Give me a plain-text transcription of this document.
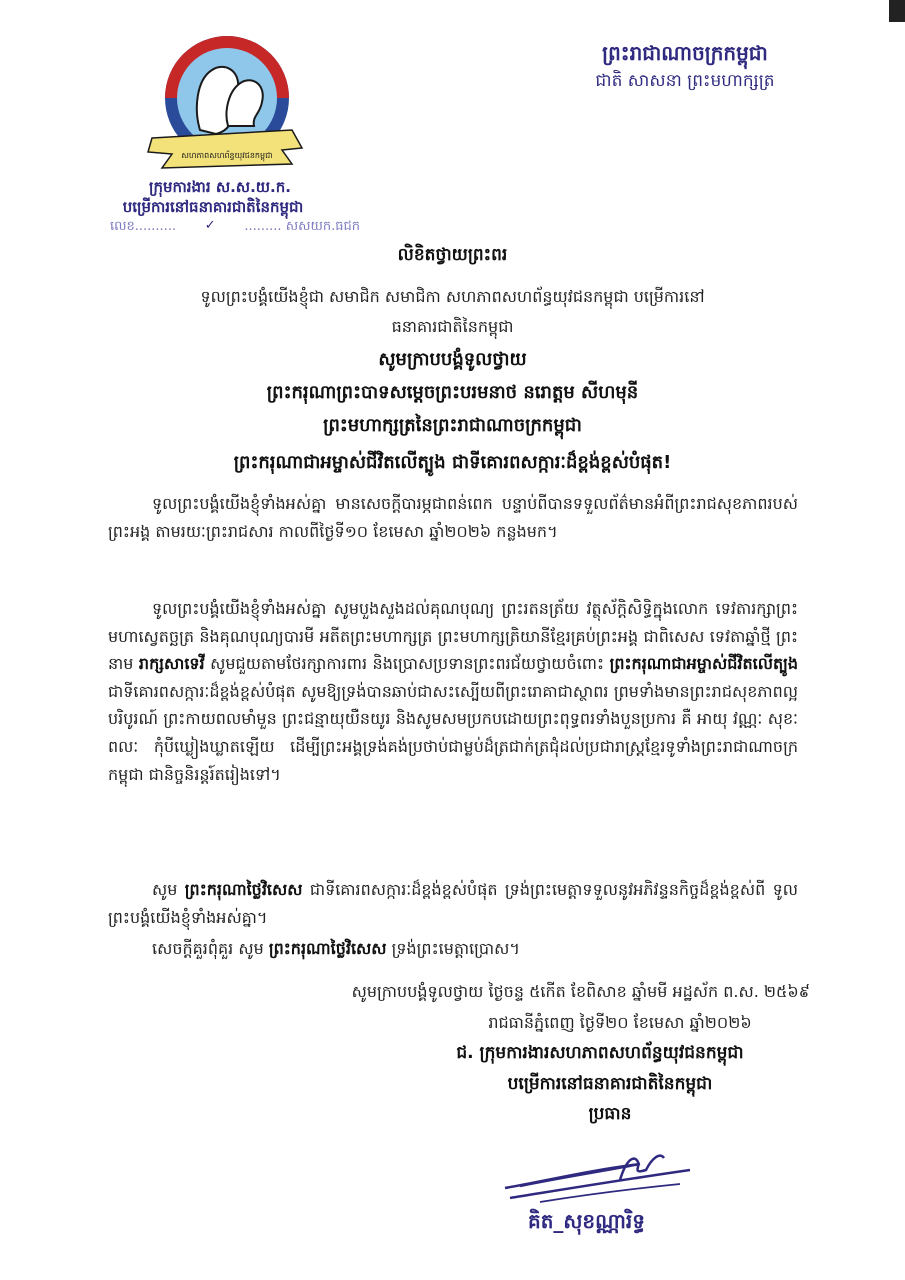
សហភាពសហព័ន្ធយុវជនកម្ពុជា
ក្រុមការងារ ស.ស.យ.ក.
បម្រើការនៅធនាគារជាតិនៃកម្ពុជា
លេខ.......... ✓ ......... សសយក.ធជក
ព្រះរាជាណាចក្រកម្ពុជា
ជាតិ សាសនា ព្រះមហាក្សត្រ
លិខិតថ្វាយព្រះពរ
ទូលព្រះបង្គំយើងខ្ញុំជា សមាជិក សមាជិកា សហភាពសហព័ន្ធយុវជនកម្ពុជា បម្រើការនៅ
ធនាគារជាតិនៃកម្ពុជា
សូមក្រាបបង្គំទូលថ្វាយ
ព្រះករុណាព្រះបាទសម្តេចព្រះបរមនាថ នរោត្តម សីហមុនី
ព្រះមហាក្សត្រនៃព្រះរាជាណាចក្រកម្ពុជា
ព្រះករុណាជាអម្ចាស់ជីវិតលើត្បូង ជាទីគោរពសក្ការៈដ៏ខ្ពង់ខ្ពស់បំផុត!
ទូលព្រះបង្គំយើងខ្ញុំទាំងអស់គ្នា មានសេចក្តីបារម្ភជាពន់ពេក បន្ទាប់ពីបានទទួលព័ត៌មានអំពីព្រះរាជសុខភាពរបស់ព្រះអង្គ តាមរយៈព្រះរាជសារ កាលពីថ្ងៃទី១០ ខែមេសា ឆ្នាំ២០២៦ កន្លងមក។
ទូលព្រះបង្គំយើងខ្ញុំទាំងអស់គ្នា សូមបួងសួងដល់គុណបុណ្យ ព្រះរតនត្រ័យ វត្ថុស័ក្តិសិទ្ធិក្នុងលោក ទេវតារក្សាព្រះមហាស្វេតច្ឆត្រ និងគុណបុណ្យបារមី អតីតព្រះមហាក្សត្រ ព្រះមហាក្សត្រិយានីខ្មែរគ្រប់ព្រះអង្គ ជាពិសេស ទេវតាឆ្នាំថ្មី ព្រះនាម រាក្សសាទេវី សូមជួយតាមថែរក្សាការពារ និងប្រោសប្រទានព្រះពរជ័យថ្វាយចំពោះ ព្រះករុណាជាអម្ចាស់ជីវិតលើត្បូង ជាទីគោរពសក្ការៈដ៏ខ្ពង់ខ្ពស់បំផុត សូមឱ្យទ្រង់បានឆាប់ជាសះស្បើយពីព្រះរោគាជាស្ថាពរ ព្រមទាំងមានព្រះរាជសុខភាពល្អបរិបូរណ៍ ព្រះកាយពលមាំមួន ព្រះជន្មាយុយឺនយូរ និងសូមសមប្រកបដោយព្រះពុទ្ធពរទាំងបួនប្រការ គឺ អាយុ វណ្ណៈ សុខៈ ពលៈ កុំបីឃ្លៀងឃ្លាតឡើយ ដើម្បីព្រះអង្គទ្រង់គង់ប្រថាប់ជាម្លប់ដ៏ត្រជាក់ត្រជុំដល់ប្រជារាស្ត្រខ្មែរទូទាំងព្រះរាជាណាចក្រកម្ពុជា ជានិច្ចនិរន្តរ៍តរៀងទៅ។
សូម ព្រះករុណាថ្លៃវិសេស ជាទីគោរពសក្ការៈដ៏ខ្ពង់ខ្ពស់បំផុត ទ្រង់ព្រះមេត្តាទទួលនូវអភិវន្ទនកិច្ចដ៏ខ្ពង់ខ្ពស់ពី ទូលព្រះបង្គំយើងខ្ញុំទាំងអស់គ្នា។
សេចក្តីគួរពុំគួរ សូម ព្រះករុណាថ្លៃវិសេស ទ្រង់ព្រះមេត្តាប្រោស។
សូមក្រាបបង្គំទូលថ្វាយ ថ្ងៃចន្ទ ៥កើត ខែពិសាខ ឆ្នាំមមី អដ្ឋស័ក ព.ស. ២៥៦៩
រាជធានីភ្នំពេញ ថ្ងៃទី២០ ខែមេសា ឆ្នាំ២០២៦
ជ. ក្រុមការងារសហភាពសហព័ន្ធយុវជនកម្ពុជា
បម្រើការនៅធនាគារជាតិនៃកម្ពុជា
ប្រធាន
គិត_សុខណ្ណារិទ្ធ
